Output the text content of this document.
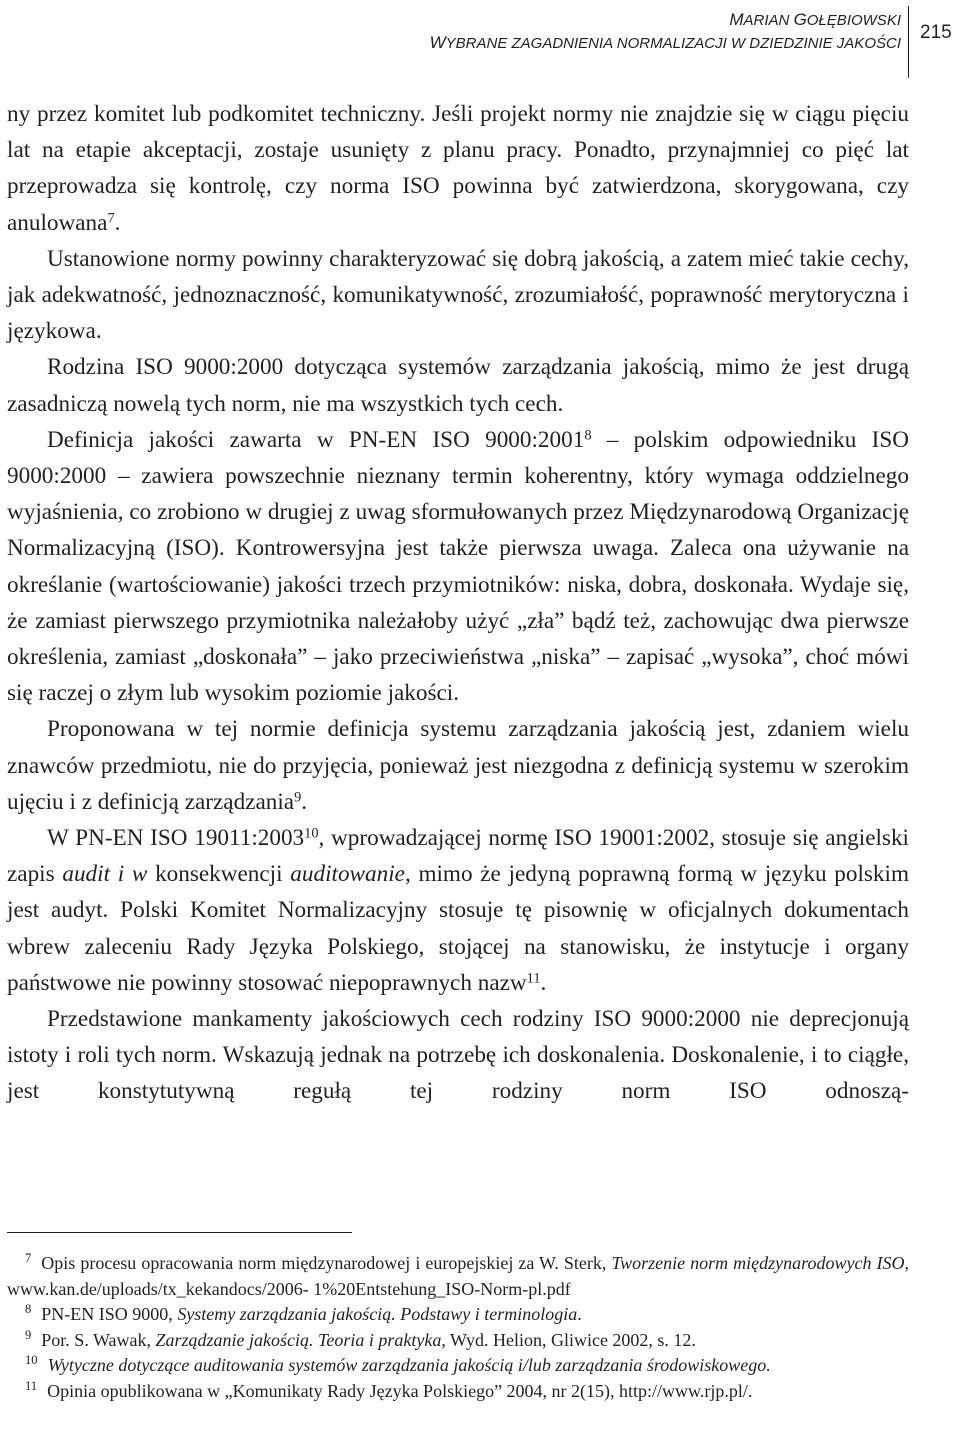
MARIAN GOŁĘBIOWSKI
WYBRANE ZAGADNIENIA NORMALIZACJI W DZIEDZINIE JAKOŚCI
215

ny przez komitet lub podkomitet techniczny. Jeśli projekt normy nie znajdzie się w ciągu pięciu lat na etapie akceptacji, zostaje usunięty z planu pracy. Ponadto, przynajmniej co pięć lat przeprowadza się kontrolę, czy norma ISO powinna być zatwierdzona, skorygowana, czy anulowana$^7$.

Ustanowione normy powinny charakteryzować się dobrą jakością, a zatem mieć takie cechy, jak adekwatność, jednoznaczność, komunikatywność, zrozumiałość, poprawność merytoryczna i językowa.

Rodzina ISO 9000:2000 dotycząca systemów zarządzania jakością, mimo że jest drugą zasadniczą nowelą tych norm, nie ma wszystkich tych cech.

Definicja jakości zawarta w PN-EN ISO 9000:2001$^8$ – polskim odpowiedniku ISO 9000:2000 – zawiera powszechnie nieznany termin koherentny, który wymaga oddzielnego wyjaśnienia, co zrobiono w drugiej z uwag sformułowanych przez Międzynarodową Organizację Normalizacyjną (ISO). Kontrowersyjna jest także pierwsza uwaga. Zaleca ona używanie na określanie (wartościowanie) jakości trzech przymiotników: niska, dobra, doskonała. Wydaje się, że zamiast pierwszego przymiotnika należałoby użyć „zła” bądź też, zachowując dwa pierwsze określenia, zamiast „doskonała” – jako przeciwieństwa „niska” – zapisać „wysoka”, choć mówi się raczej o złym lub wysokim poziomie jakości.

Proponowana w tej normie definicja systemu zarządzania jakością jest, zdaniem wielu znawców przedmiotu, nie do przyjęcia, ponieważ jest niezgodna z definicją systemu w szerokim ujęciu i z definicją zarządzania$^9$.

W PN-EN ISO 19011:2003$^{10}$, wprowadzającej normę ISO 19001:2002, stosuje się angielski zapis audit i w konsekwencji auditowanie, mimo że jedyną poprawną formą w języku polskim jest audyt. Polski Komitet Normalizacyjny stosuje tę pisownię w oficjalnych dokumentach wbrew zaleceniu Rady Języka Polskiego, stojącej na stanowisku, że instytucje i organy państwowe nie powinny stosować niepoprawnych nazw$^{11}$.

Przedstawione mankamenty jakościowych cech rodziny ISO 9000:2000 nie deprecjonują istoty i roli tych norm. Wskazują jednak na potrzebę ich doskonalenia. Doskonalenie, i to ciągłe, jest konstytutywną regułą tej rodziny norm ISO odnoszą-

$^7$ Opis procesu opracowania norm międzynarodowej i europejskiej za W. Sterk, Tworzenie norm międzynarodowych ISO, www.kan.de/uploads/tx_kekandocs/2006- 1%20Entstehung_ISO-Norm-pl.pdf

$^8$ PN-EN ISO 9000, Systemy zarządzania jakością. Podstawy i terminologia.

$^9$ Por. S. Wawak, Zarządzanie jakością. Teoria i praktyka, Wyd. Helion, Gliwice 2002, s. 12.

$^{10}$ Wytyczne dotyczące auditowania systemów zarządzania jakością i/lub zarządzania środowiskowego.

$^{11}$ Opinia opublikowana w „Komunikaty Rady Języka Polskiego” 2004, nr 2(15), http://www.rjp.pl/.
